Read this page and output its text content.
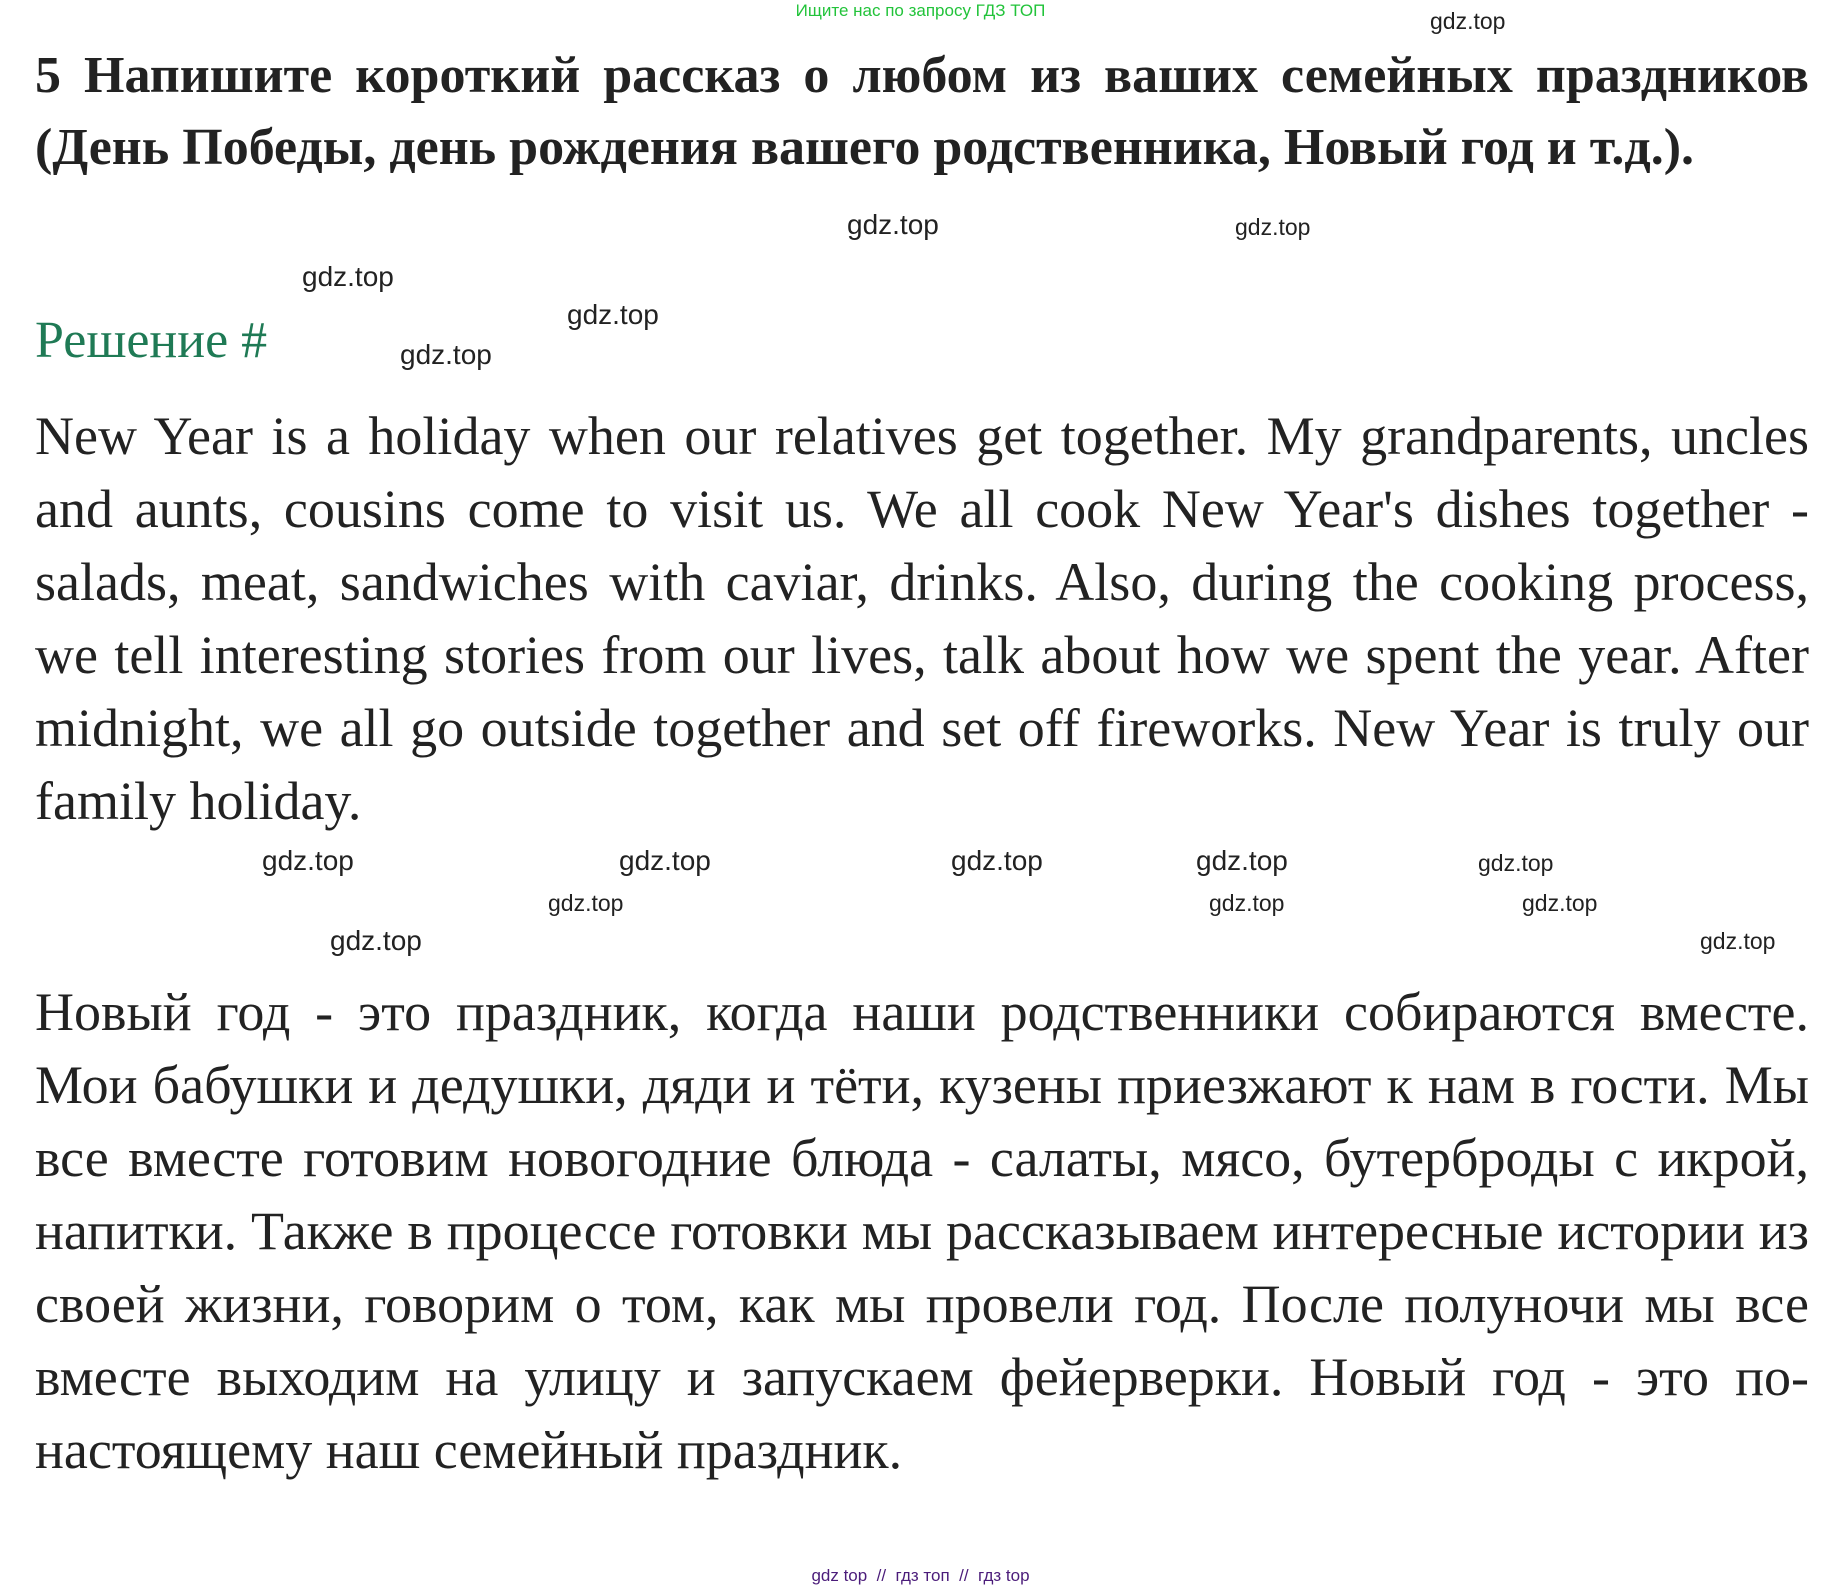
Ищите нас по запросу ГДЗ ТОП
5 Напишите короткий рассказ о любом из ваших семейных праздников (День Победы, день рождения вашего родственника, Новый год и т.д.).
Решение #
New Year is a holiday when our relatives get together. My grandparents, uncles and aunts, cousins come to visit us. We all cook New Year's dishes together - salads, meat, sandwiches with caviar, drinks. Also, during the cooking process, we tell interesting stories from our lives, talk about how we spent the year. After midnight, we all go outside together and set off fireworks. New Year is truly our family holiday.
Новый год - это праздник, когда наши родственники собираются вместе. Мои бабушки и дедушки, дяди и тёти, кузены приезжают к нам в гости. Мы все вместе готовим новогодние блюда - салаты, мясо, бутерброды с икрой, напитки. Также в процессе готовки мы рассказываем интересные истории из своей жизни, говорим о том, как мы провели год. После полуночи мы все вместе выходим на улицу и запускаем фейерверки. Новый год - это по-настоящему наш семейный праздник.
gdz.top
gdz.top
gdz.top
gdz.top
gdz.top
gdz.top
gdz.top
gdz.top
gdz.top
gdz.top
gdz.top
gdz.top
gdz.top	gdz.top
gdz.top
gdz.top
gdz top  //  гдз топ  //  гдз top
